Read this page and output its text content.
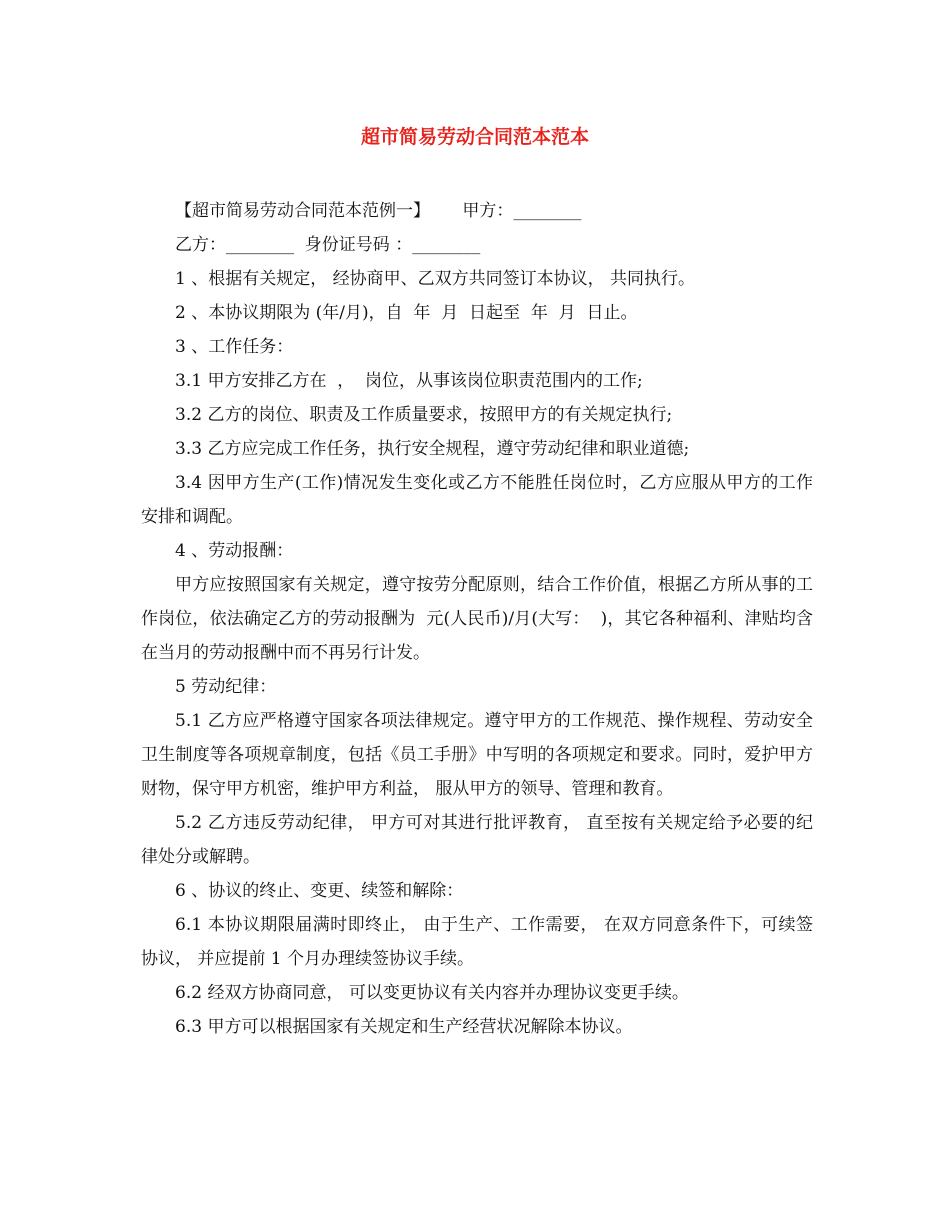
超市简易劳动合同范本范本

【超市简易劳动合同范本范例一】      甲方：________

乙方：________  身份证号码 ：________

1 、根据有关规定， 经协商甲、乙双方共同签订本协议， 共同执行。

2 、本协议期限为 (年/月)，自  年  月  日起至  年  月  日止。

3 、工作任务：

3.1 甲方安排乙方在  ，  岗位，从事该岗位职责范围内的工作;

3.2 乙方的岗位、职责及工作质量要求，按照甲方的有关规定执行;

3.3 乙方应完成工作任务，执行安全规程，遵守劳动纪律和职业道德;

3.4 因甲方生产(工作)情况发生变化或乙方不能胜任岗位时，乙方应服从甲方的工作安排和调配。

4 、劳动报酬：

甲方应按照国家有关规定，遵守按劳分配原则，结合工作价值，根据乙方所从事的工作岗位，依法确定乙方的劳动报酬为  元(人民币)/月(大写：  )，其它各种福利、津贴均含在当月的劳动报酬中而不再另行计发。

5 劳动纪律：

5.1 乙方应严格遵守国家各项法律规定。遵守甲方的工作规范、操作规程、劳动安全卫生制度等各项规章制度，包括《员工手册》中写明的各项规定和要求。同时，爱护甲方财物，保守甲方机密，维护甲方利益， 服从甲方的领导、管理和教育。

5.2 乙方违反劳动纪律， 甲方可对其进行批评教育， 直至按有关规定给予必要的纪律处分或解聘。

6 、协议的终止、变更、续签和解除：

6.1 本协议期限届满时即终止， 由于生产、工作需要， 在双方同意条件下，可续签协议， 并应提前 1 个月办理续签协议手续。

6.2 经双方协商同意， 可以变更协议有关内容并办理协议变更手续。

6.3 甲方可以根据国家有关规定和生产经营状况解除本协议。
